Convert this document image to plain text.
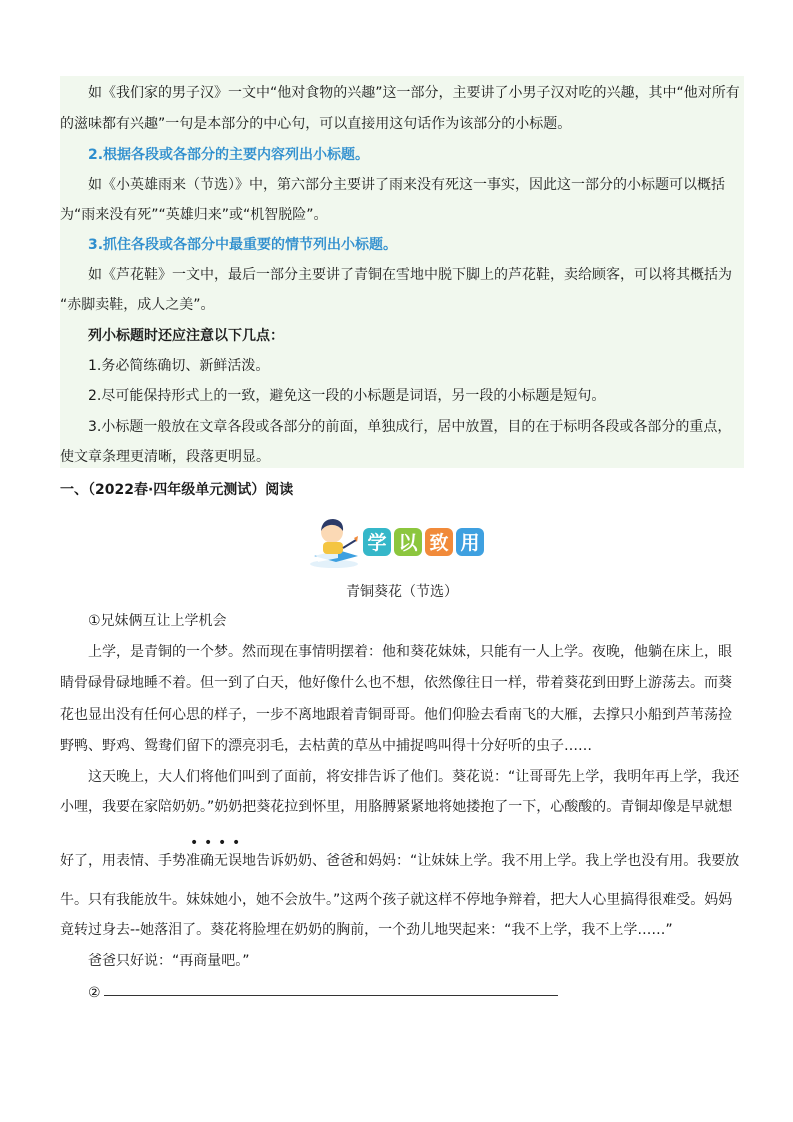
如《我们家的男子汉》一文中“他对食物的兴趣”这一部分，主要讲了小男子汉对吃的兴趣，其中“他对所有
的滋味都有兴趣”一句是本部分的中心句，可以直接用这句话作为该部分的小标题。
2.根据各段或各部分的主要内容列出小标题。
如《小英雄雨来（节选）》中，第六部分主要讲了雨来没有死这一事实，因此这一部分的小标题可以概括
为“雨来没有死”“英雄归来”或“机智脱险”。
3.抓住各段或各部分中最重要的情节列出小标题。
如《芦花鞋》一文中，最后一部分主要讲了青铜在雪地中脱下脚上的芦花鞋，卖给顾客，可以将其概括为
“赤脚卖鞋，成人之美”。
列小标题时还应注意以下几点：
1.务必简练确切、新鲜活泼。
2.尽可能保持形式上的一致，避免这一段的小标题是词语，另一段的小标题是短句。
3.小标题一般放在文章各段或各部分的前面，单独成行，居中放置，目的在于标明各段或各部分的重点，
使文章条理更清晰，段落更明显。
一、（2022春·四年级单元测试）阅读
学 以 致 用
青铜葵花（节选）
①兄妹俩互让上学机会
上学，是青铜的一个梦。然而现在事情明摆着：他和葵花妹妹，只能有一人上学。夜晚，他躺在床上，眼
睛骨碌骨碌地睡不着。但一到了白天，他好像什么也不想，依然像往日一样，带着葵花到田野上游荡去。而葵
花也显出没有任何心思的样子，一步不离地跟着青铜哥哥。他们仰脸去看南飞的大雁，去撑只小船到芦苇荡捡
野鸭、野鸡、鸳鸯们留下的漂亮羽毛，去枯黄的草丛中捕捉鸣叫得十分好听的虫子……
这天晚上，大人们将他们叫到了面前，将安排告诉了他们。葵花说：“让哥哥先上学，我明年再上学，我还
小哩，我要在家陪奶奶。”奶奶把葵花拉到怀里，用胳膊紧紧地将她搂抱了一下，心酸酸的。青铜却像是早就想
• • • •
好了，用表情、手势准确无误地告诉奶奶、爸爸和妈妈：“让妹妹上学。我不用上学。我上学也没有用。我要放
牛。只有我能放牛。妹妹她小，她不会放牛。”这两个孩子就这样不停地争辩着，把大人心里搞得很难受。妈妈
竟转过身去--她落泪了。葵花将脸埋在奶奶的胸前，一个劲儿地哭起来：“我不上学，我不上学……”
爸爸只好说：“再商量吧。”
②
